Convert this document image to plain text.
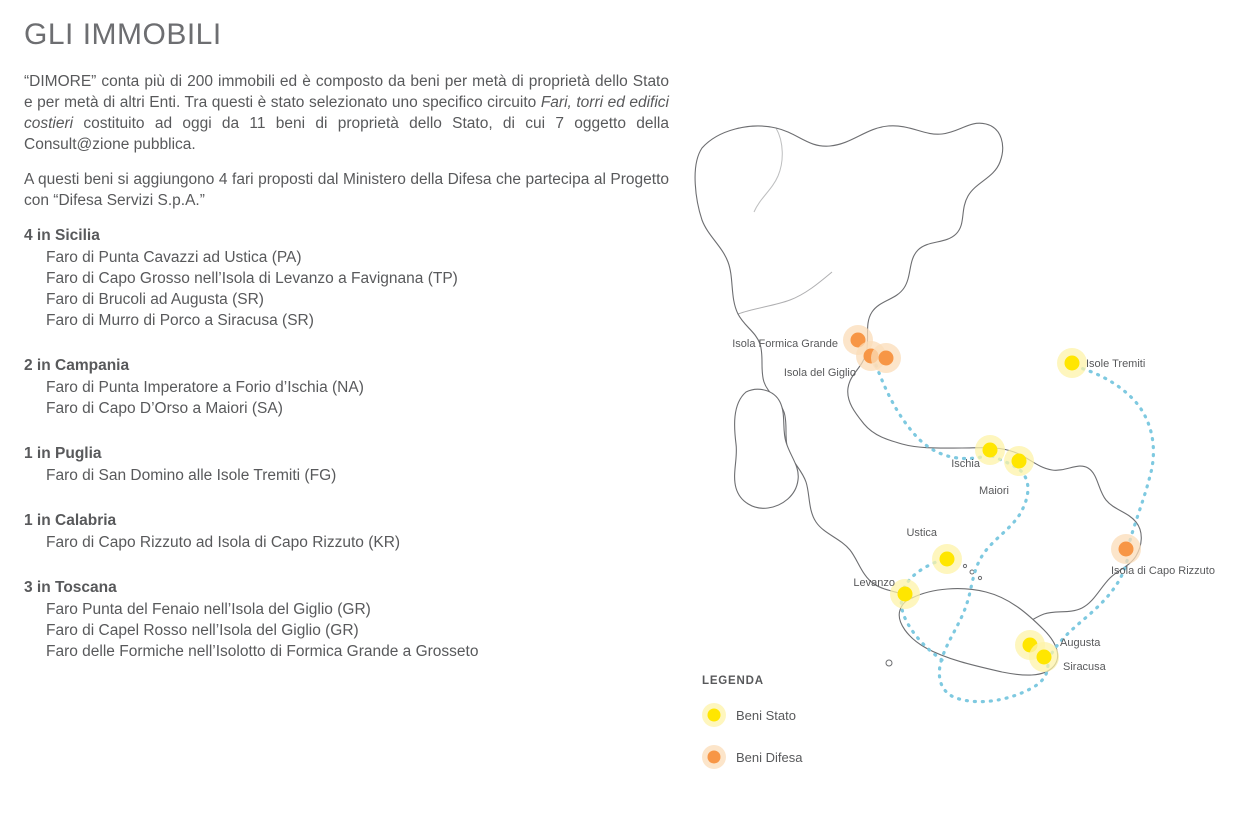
GLI IMMOBILI
“DIMORE” conta più di 200 immobili ed è composto da beni per metà di proprietà dello Stato e per metà di altri Enti. Tra questi è stato selezionato uno specifico circuito Fari, torri ed edifici costieri costituito ad oggi da 11 beni di proprietà dello Stato, di cui 7 oggetto della Consult@zione pubblica.
A questi beni si aggiungono 4 fari proposti dal Ministero della Difesa che partecipa al Progetto con “Difesa Servizi S.p.A.”
4 in Sicilia
Faro di Punta Cavazzi ad Ustica (PA)
Faro di Capo Grosso nell’Isola di Levanzo a Favignana (TP)
Faro di Brucoli ad Augusta (SR)
Faro di Murro di Porco a Siracusa (SR)
2 in Campania
Faro di Punta Imperatore a Forio d’Ischia (NA)
Faro di Capo D’Orso a Maiori (SA)
1 in Puglia
Faro di San Domino alle Isole Tremiti (FG)
1 in Calabria
Faro di Capo Rizzuto ad Isola di Capo Rizzuto (KR)
3 in Toscana
Faro Punta del Fenaio nell’Isola del Giglio (GR)
Faro di Capel Rosso nell’Isola del Giglio (GR)
Faro delle Formiche nell’Isolotto di Formica Grande a Grosseto
Isola Formica Grande
Isola del Giglio
Isole Tremiti
Ischia
Maiori
Ustica
Isola di Capo Rizzuto
Levanzo
Augusta
Siracusa
LEGENDA
Beni Stato
Beni Difesa
